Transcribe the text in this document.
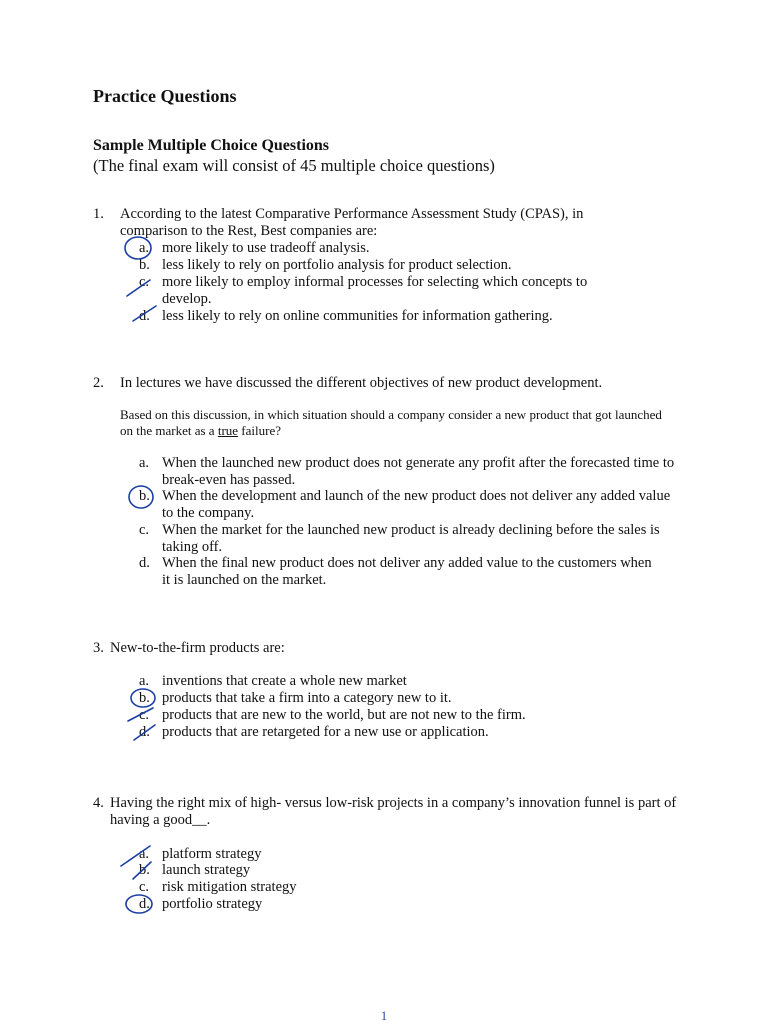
Practice Questions
Sample Multiple Choice Questions
(The final exam will consist of 45 multiple choice questions)
1. According to the latest Comparative Performance Assessment Study (CPAS), in comparison to the Rest, Best companies are:
a. more likely to use tradeoff analysis.
b. less likely to rely on portfolio analysis for product selection.
c. more likely to employ informal processes for selecting which concepts to develop.
d. less likely to rely on online communities for information gathering.
2. In lectures we have discussed the different objectives of new product development.
Based on this discussion, in which situation should a company consider a new product that got launched on the market as a true failure?
a. When the launched new product does not generate any profit after the forecasted time to break-even has passed.
b. When the development and launch of the new product does not deliver any added value to the company.
c. When the market for the launched new product is already declining before the sales is taking off.
d. When the final new product does not deliver any added value to the customers when it is launched on the market.
3. New-to-the-firm products are:
a. inventions that create a whole new market
b. products that take a firm into a category new to it.
c. products that are new to the world, but are not new to the firm.
d. products that are retargeted for a new use or application.
4. Having the right mix of high- versus low-risk projects in a company’s innovation funnel is part of having a good__.
a. platform strategy
b. launch strategy
c. risk mitigation strategy
d. portfolio strategy
1
